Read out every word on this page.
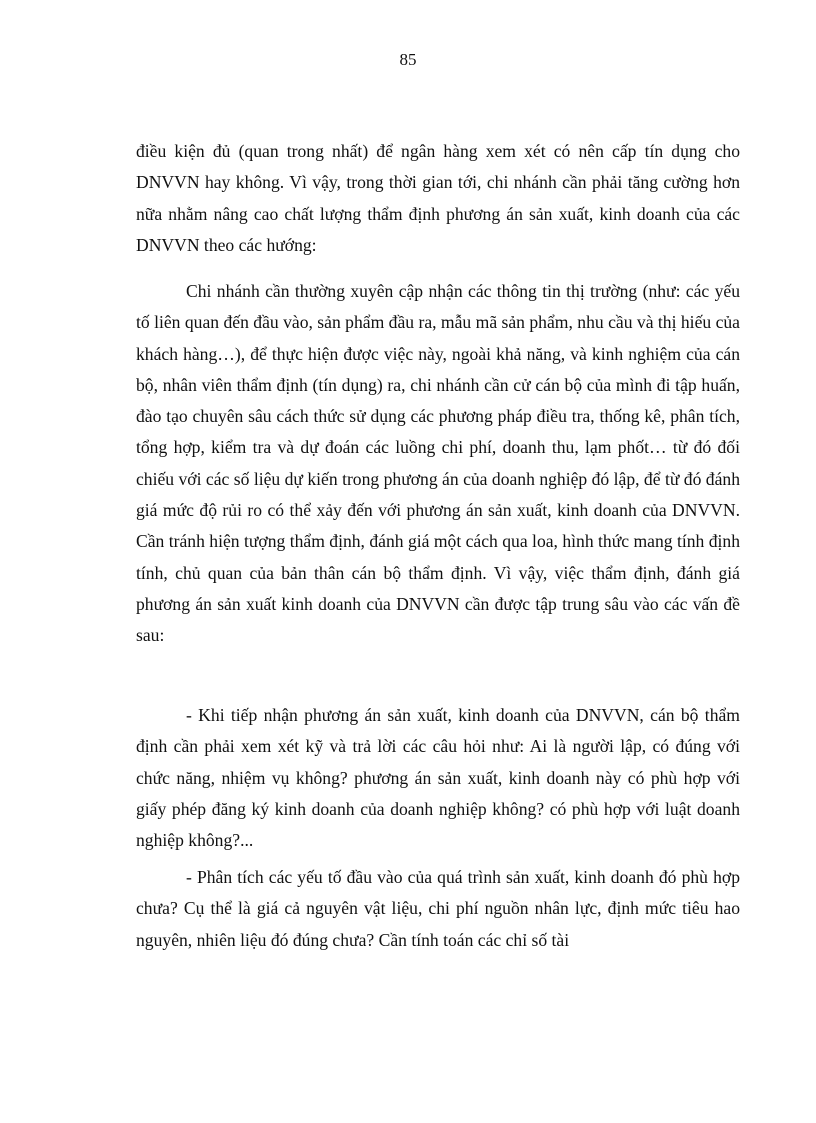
85

điều kiện đủ (quan trong nhất) để ngân hàng xem xét có nên cấp tín dụng cho DNVVN hay không. Vì vậy, trong thời gian tới, chi nhánh cần phải tăng cường hơn nữa nhằm nâng cao chất lượng thẩm định phương án sản xuất, kinh doanh của các DNVVN theo các hướng:

Chi nhánh cần thường xuyên cập nhận các thông tin thị trường (như: các yếu tố liên quan đến đầu vào, sản phẩm đầu ra, mẫu mã sản phẩm, nhu cầu và thị hiếu của khách hàng…), để thực hiện được việc này, ngoài khả năng, và kinh nghiệm của cán bộ, nhân viên thẩm định (tín dụng) ra, chi nhánh cần cử cán bộ của mình đi tập huấn, đào tạo chuyên sâu cách thức sử dụng các phương pháp điều tra, thống kê, phân tích, tổng hợp, kiểm tra và dự đoán các luồng chi phí, doanh thu, lạm phốt… từ đó đối chiếu với các số liệu dự kiến trong phương án của doanh nghiệp đó lập, để từ đó đánh giá mức độ rủi ro có thể xảy đến với phương án sản xuất, kinh doanh của DNVVN. Cần tránh hiện tượng thẩm định, đánh giá một cách qua loa, hình thức mang tính định tính, chủ quan của bản thân cán bộ thẩm định. Vì vậy, việc thẩm định, đánh giá phương án sản xuất kinh doanh của DNVVN cần được tập trung sâu vào các vấn đề sau:

- Khi tiếp nhận phương án sản xuất, kinh doanh của DNVVN, cán bộ thẩm định cần phải xem xét kỹ và trả lời các câu hỏi như: Ai là người lập, có đúng với chức năng, nhiệm vụ không? phương án sản xuất, kinh doanh này có phù hợp với giấy phép đăng ký kinh doanh của doanh nghiệp không? có phù hợp với luật doanh nghiệp không?...

- Phân tích các yếu tố đầu vào của quá trình sản xuất, kinh doanh đó phù hợp chưa? Cụ thể là giá cả nguyên vật liệu, chi phí nguồn nhân lực, định mức tiêu hao nguyên, nhiên liệu đó đúng chưa? Cần tính toán các chỉ số tài
